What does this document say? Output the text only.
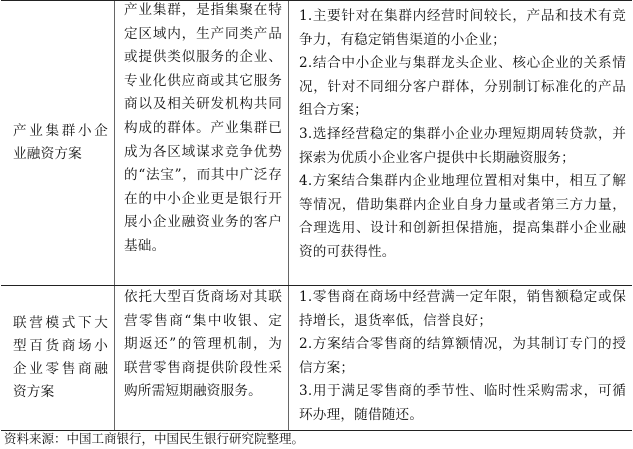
产业集群小企业融资方案
产业集群，是指集聚在特定区域内，生产同类产品或提供类似服务的企业、专业化供应商或其它服务商以及相关研发机构共同构成的群体。产业集群已成为各区域谋求竞争优势的“法宝”，而其中广泛存在的中小企业更是银行开展小企业融资业务的客户基础。
1.主要针对在集群内经营时间较长，产品和技术有竞争力，有稳定销售渠道的小企业；
2.结合中小企业与集群龙头企业、核心企业的关系情况，针对不同细分客户群体，分别制订标准化的产品组合方案；
3.选择经营稳定的集群小企业办理短期周转贷款，并探索为优质小企业客户提供中长期融资服务；
4.方案结合集群内企业地理位置相对集中，相互了解等情况，借助集群内企业自身力量或者第三方力量，合理选用、设计和创新担保措施，提高集群小企业融资的可获得性。
联营模式下大型百货商场小企业零售商融资方案
依托大型百货商场对其联营零售商“集中收银、定期返还”的管理机制，为联营零售商提供阶段性采购所需短期融资服务。
1.零售商在商场中经营满一定年限，销售额稳定或保持增长，退货率低，信誉良好；
2.方案结合零售商的结算额情况，为其制订专门的授信方案；
3.用于满足零售商的季节性、临时性采购需求，可循环办理，随借随还。
资料来源：中国工商银行，中国民生银行研究院整理。
